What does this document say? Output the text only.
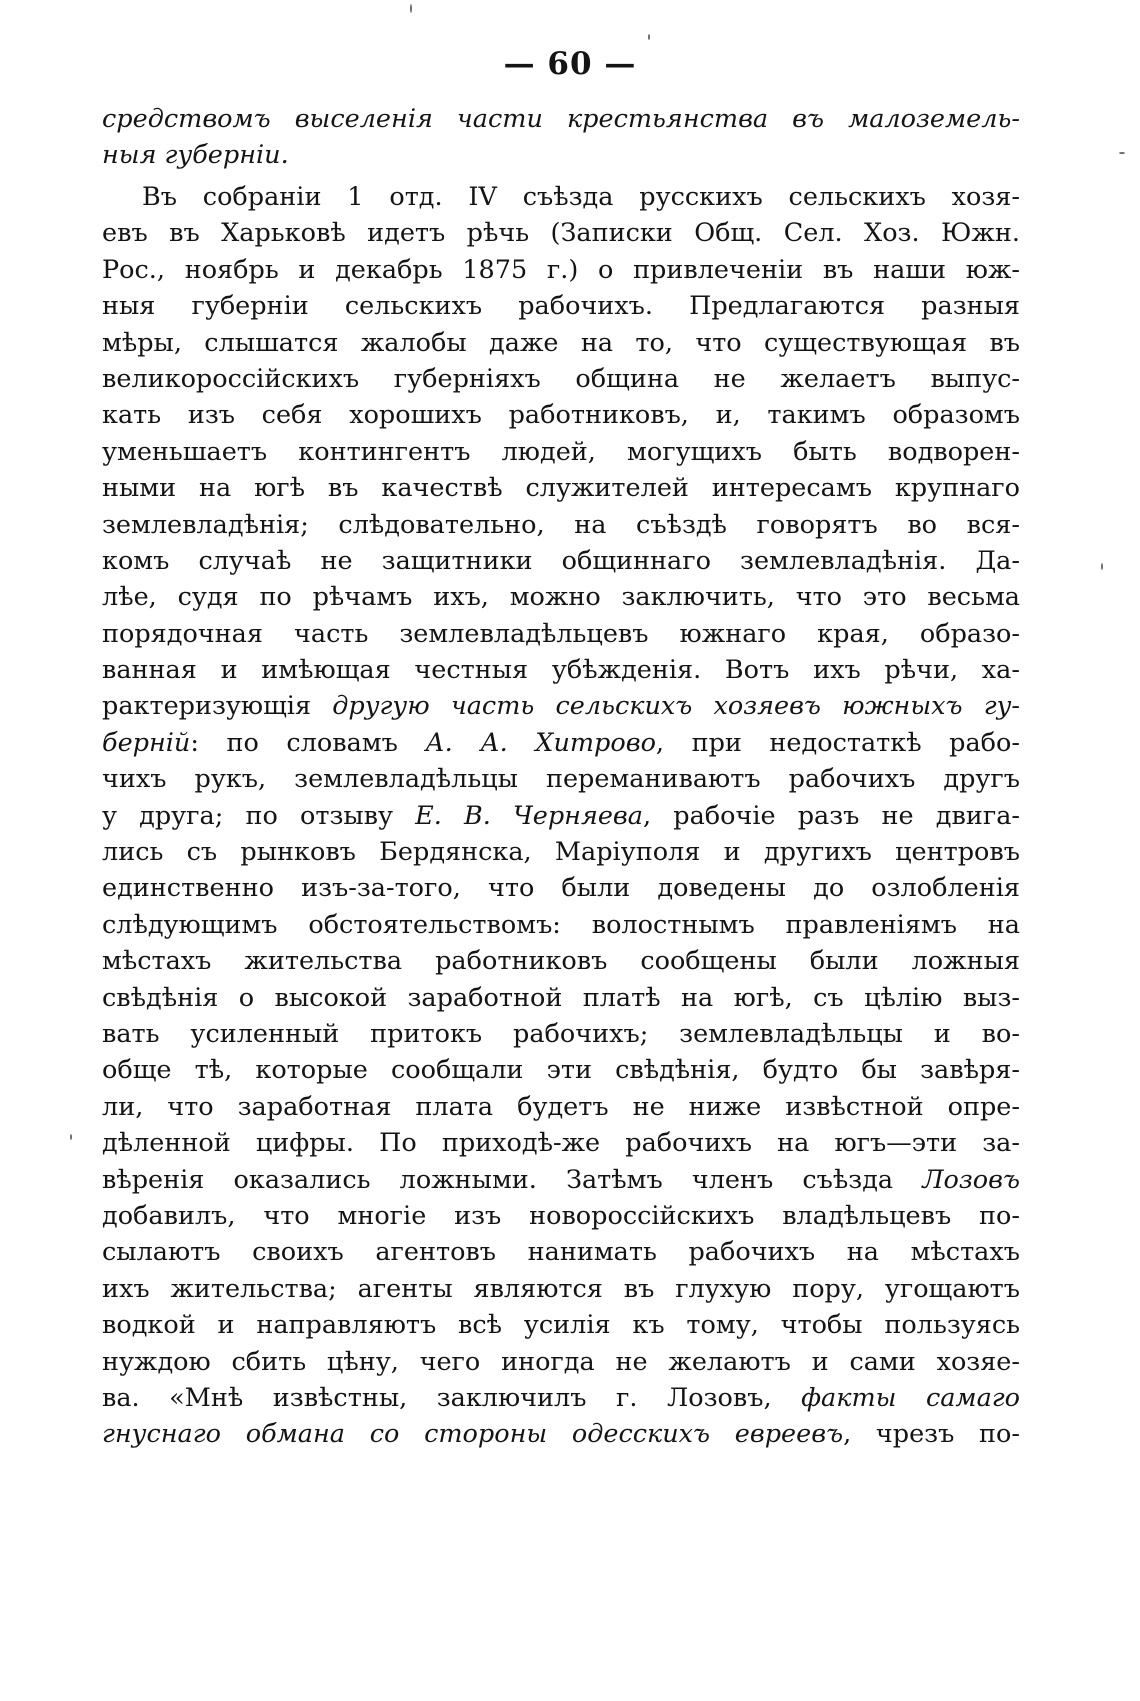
— 60 —
средствомъ выселенія части крестьянства въ малоземель-
ныя губерніи.
Въ собраніи 1 отд. IV съѣзда русскихъ сельскихъ хозя-
евъ въ Харьковѣ идетъ рѣчь (Записки Общ. Сел. Хоз. Южн.
Рос., ноябрь и декабрь 1875 г.) о привлеченіи въ наши юж-
ныя губерніи сельскихъ рабочихъ. Предлагаются разныя
мѣры, слышатся жалобы даже на то, что существующая въ
великороссійскихъ губерніяхъ община не желаетъ выпус-
кать изъ себя хорошихъ работниковъ, и, такимъ образомъ
уменьшаетъ контингентъ людей, могущихъ быть водворен-
ными на югѣ въ качествѣ служителей интересамъ крупнаго
землевладѣнія; слѣдовательно, на съѣздѣ говорятъ во вся-
комъ случаѣ не защитники общиннаго землевладѣнія. Да-
лѣе, судя по рѣчамъ ихъ, можно заключить, что это весьма
порядочная часть землевладѣльцевъ южнаго края, образо-
ванная и имѣющая честныя убѣжденія. Вотъ ихъ рѣчи, ха-
рактеризующія другую часть сельскихъ хозяевъ южныхъ гу-
берній: по словамъ А. А. Хитрово, при недостаткѣ рабо-
чихъ рукъ, землевладѣльцы переманиваютъ рабочихъ другъ
у друга; по отзыву Е. В. Черняева, рабочіе разъ не двига-
лись съ рынковъ Бердянска, Маріуполя и другихъ центровъ
единственно изъ-за-того, что были доведены до озлобленія
слѣдующимъ обстоятельствомъ: волостнымъ правленіямъ на
мѣстахъ жительства работниковъ сообщены были ложныя
свѣдѣнія о высокой заработной платѣ на югѣ, съ цѣлію выз-
вать усиленный притокъ рабочихъ; землевладѣльцы и во-
обще тѣ, которые сообщали эти свѣдѣнія, будто бы завѣря-
ли, что заработная плата будетъ не ниже извѣстной опре-
дѣленной цифры. По приходѣ-же рабочихъ на югъ—эти за-
вѣренія оказались ложными. Затѣмъ членъ съѣзда Лозовъ
добавилъ, что многіе изъ новороссійскихъ владѣльцевъ по-
сылаютъ своихъ агентовъ нанимать рабочихъ на мѣстахъ
ихъ жительства; агенты являются въ глухую пору, угощаютъ
водкой и направляютъ всѣ усилія къ тому, чтобы пользуясь
нуждою сбить цѣну, чего иногда не желаютъ и сами хозяе-
ва. «Мнѣ извѣстны, заключилъ г. Лозовъ, факты самаго
гнуснаго обмана со стороны одесскихъ евреевъ, чрезъ по-
